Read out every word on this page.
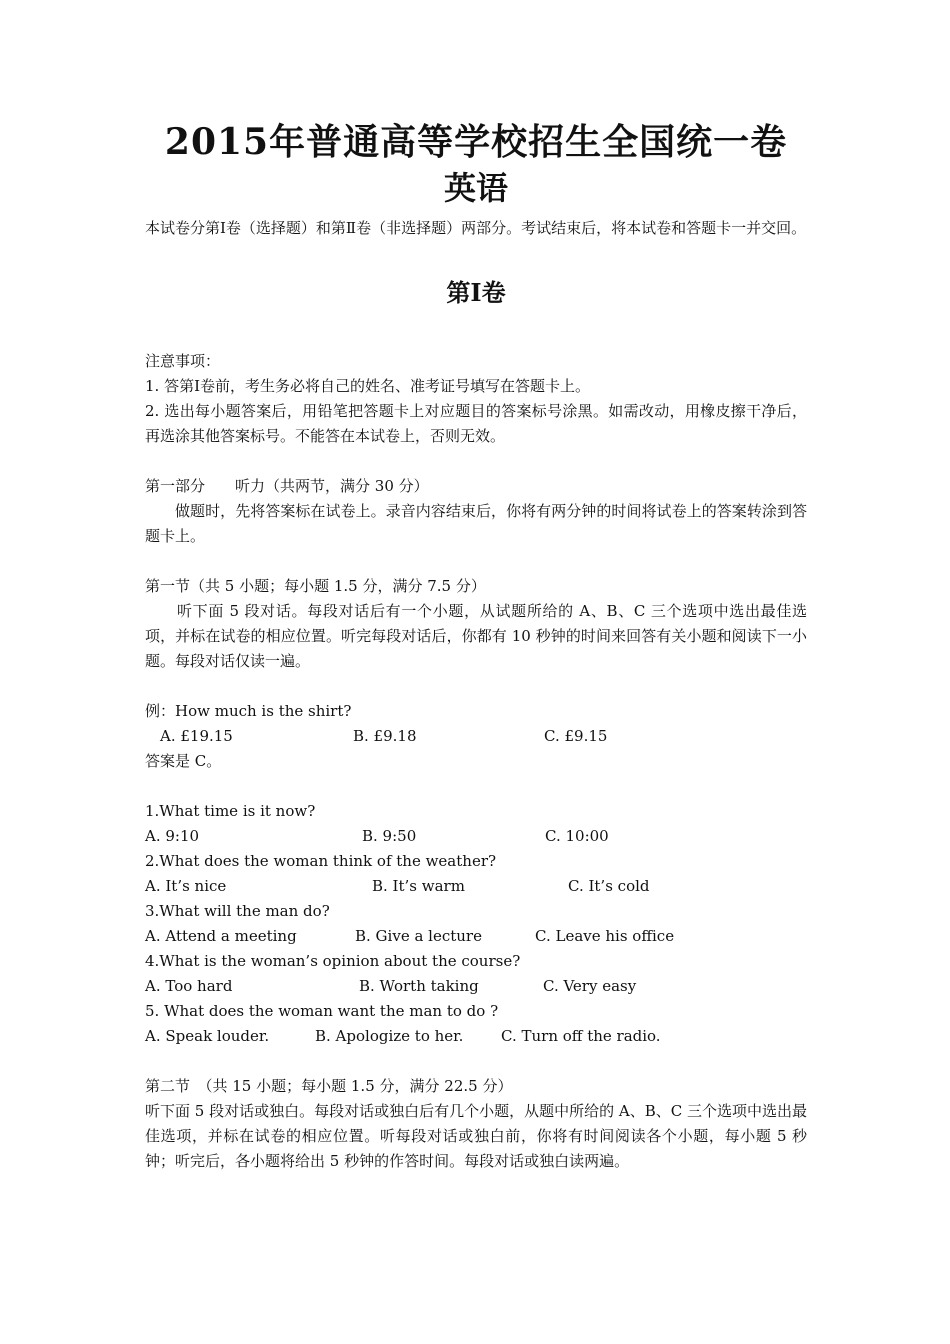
2015年普通高等学校招生全国统一卷
英语

本试卷分第Ⅰ卷（选择题）和第Ⅱ卷（非选择题）两部分。考试结束后，将本试卷和答题卡一并交回。

第Ⅰ卷

注意事项：

1. 答第Ⅰ卷前，考生务必将自己的姓名、准考证号填写在答题卡上。

2. 选出每小题答案后，用铅笔把答题卡上对应题目的答案标号涂黑。如需改动，用橡皮擦干净后，再选涂其他答案标号。不能答在本试卷上，否则无效。

第一部分　　听力（共两节，满分 30 分）

做题时，先将答案标在试卷上。录音内容结束后，你将有两分钟的时间将试卷上的答案转涂到答题卡上。

第一节（共 5 小题；每小题 1.5 分，满分 7.5 分）

听下面 5 段对话。每段对话后有一个小题，从试题所给的 A、B、C 三个选项中选出最佳选项，并标在试卷的相应位置。听完每段对话后，你都有 10 秒钟的时间来回答有关小题和阅读下一小题。每段对话仅读一遍。

例：How much is the shirt?

A. £19.15	B. £9.18	C. £9.15

答案是 C。

1.What time is it now?

A. 9:10	B. 9:50	C. 10:00

2.What does the woman think of the weather?

A. It’s nice	B. It’s warm	C. It’s cold

3.What will the man do?

A. Attend a meeting	B. Give a lecture	C. Leave his office

4.What is the woman’s opinion about the course?

A. Too hard	B. Worth taking	C. Very easy

5. What does the woman want the man to do ?

A. Speak louder.	B. Apologize to her.	C. Turn off the radio.

第二节　（共 15 小题；每小题 1.5 分，满分 22.5 分）

听下面 5 段对话或独白。每段对话或独白后有几个小题，从题中所给的 A、B、C 三个选项中选出最佳选项，并标在试卷的相应位置。听每段对话或独白前，你将有时间阅读各个小题，每小题 5 秒钟；听完后，各小题将给出 5 秒钟的作答时间。每段对话或独白读两遍。
